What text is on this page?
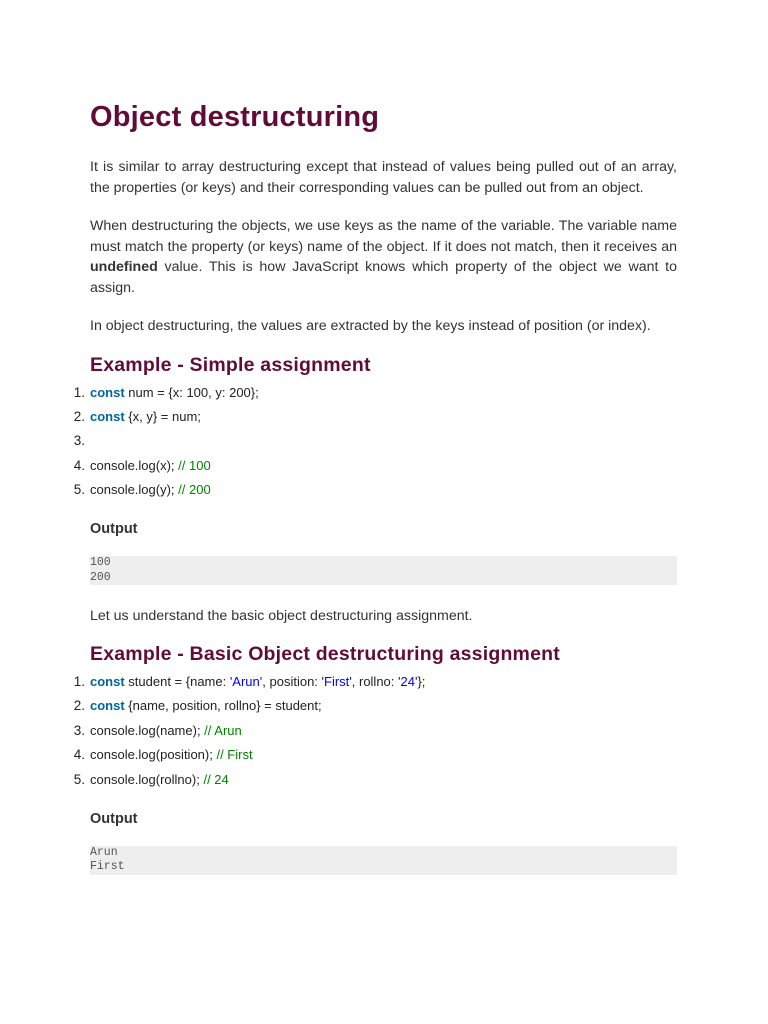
Object destructuring

It is similar to array destructuring except that instead of values being pulled out of an array, the properties (or keys) and their corresponding values can be pulled out from an object.

When destructuring the objects, we use keys as the name of the variable. The variable name must match the property (or keys) name of the object. If it does not match, then it receives an undefined value. This is how JavaScript knows which property of the object we want to assign.

In object destructuring, the values are extracted by the keys instead of position (or index).

Example - Simple assignment
1. const num = {x: 100, y: 200};
2. const {x, y} = num;
3.
4. console.log(x); // 100
5. console.log(y); // 200
Output
100
200

Let us understand the basic object destructuring assignment.

Example - Basic Object destructuring assignment
1. const student = {name: 'Arun', position: 'First', rollno: '24'};
2. const {name, position, rollno} = student;
3. console.log(name); // Arun
4. console.log(position); // First
5. console.log(rollno); // 24
Output
Arun
First
